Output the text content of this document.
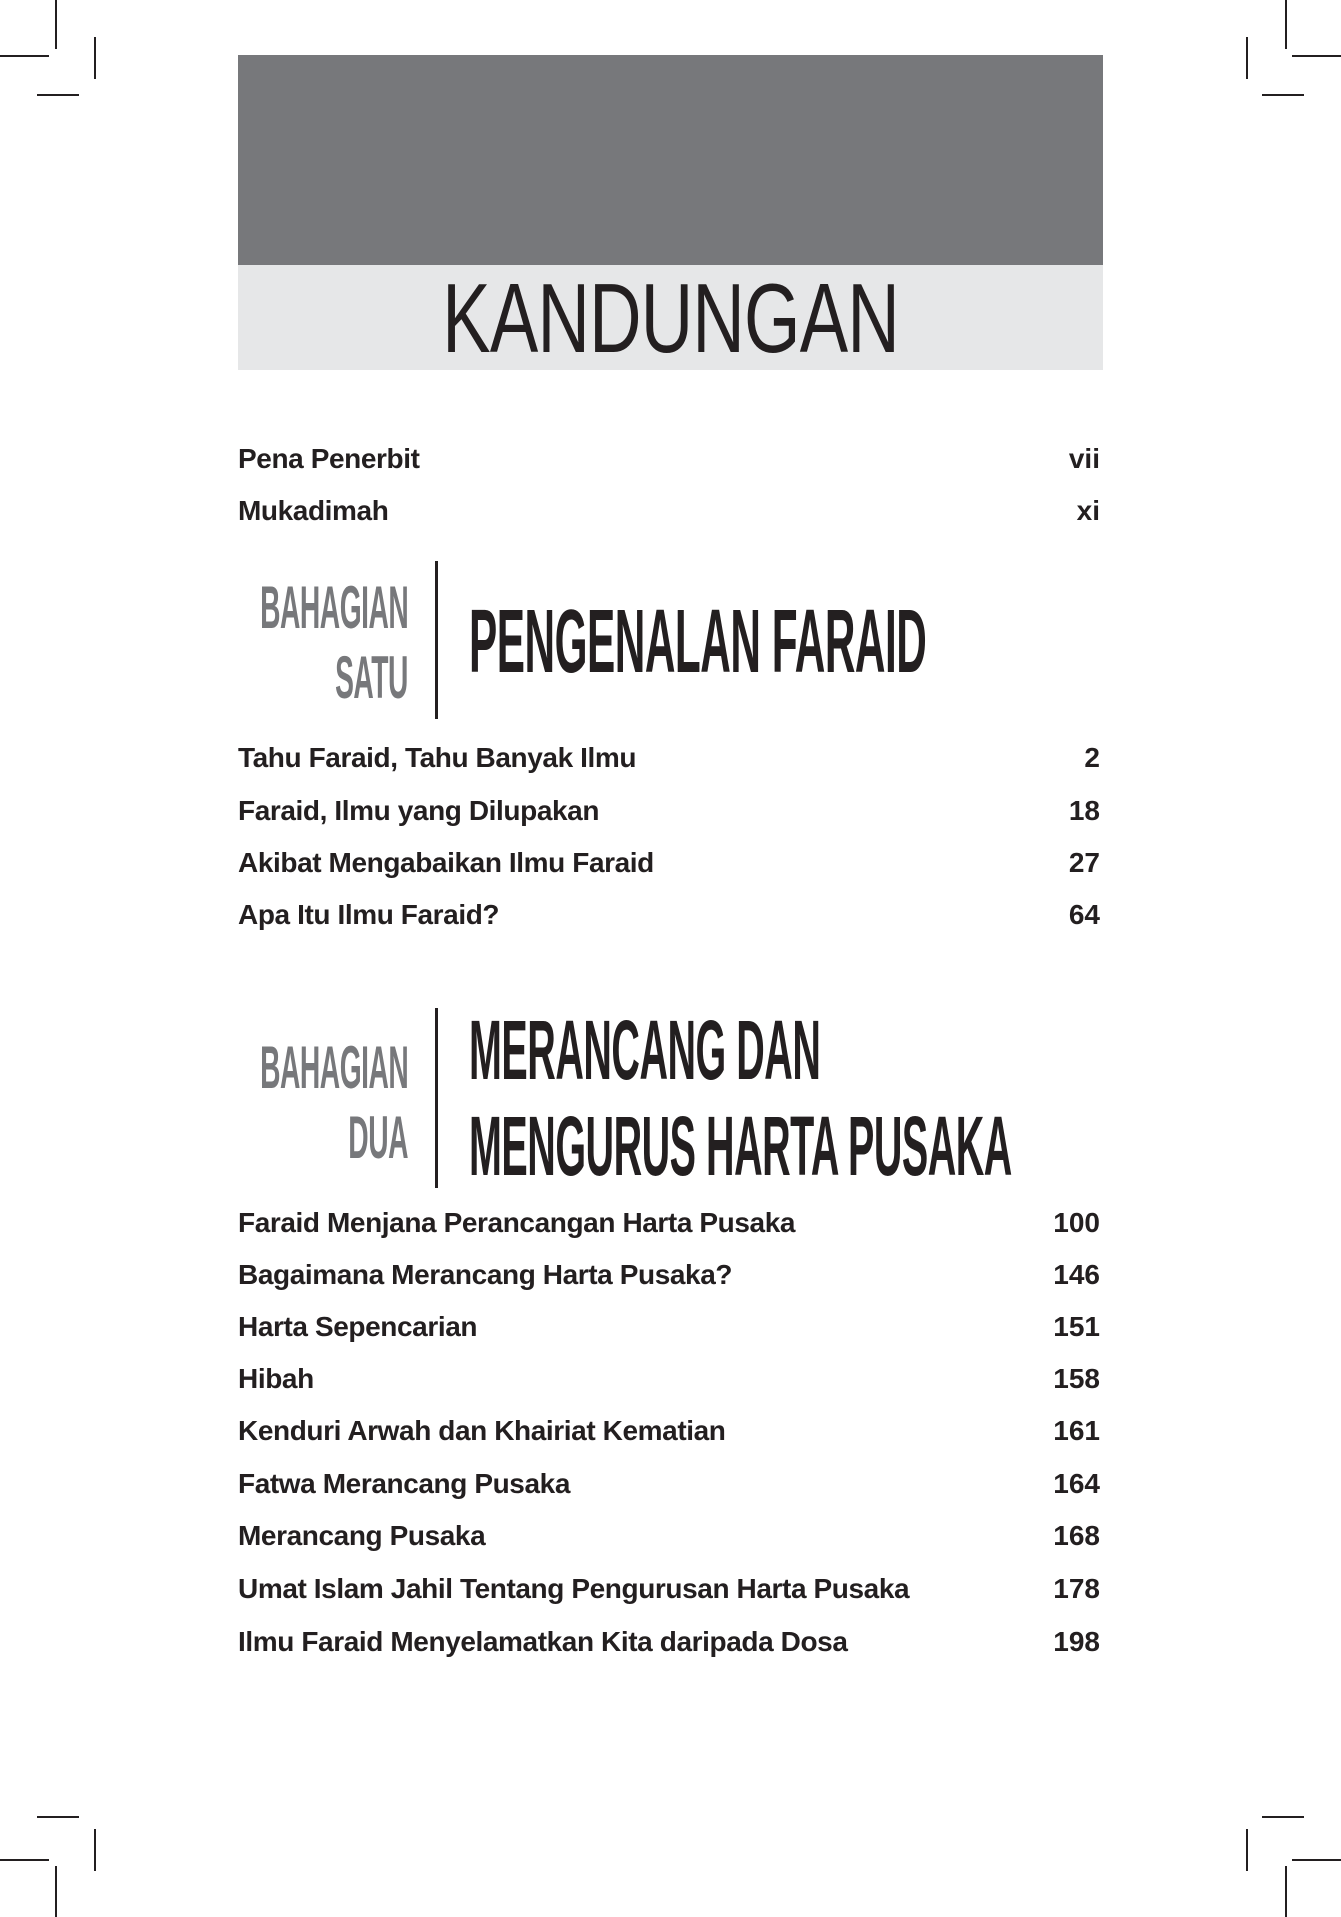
KANDUNGAN
Pena Penerbit	vii
Mukadimah	xi
BAHAGIAN
SATU PENGENALAN FARAID
Tahu Faraid, Tahu Banyak Ilmu	2
Faraid, Ilmu yang Dilupakan	18
Akibat Mengabaikan Ilmu Faraid	27
Apa Itu Ilmu Faraid?	64
BAHAGIAN
DUA
MERANCANG DAN
MENGURUS HARTA PUSAKA
Faraid Menjana Perancangan Harta Pusaka	100
Bagaimana Merancang Harta Pusaka?	146
Harta Sepencarian	151
Hibah	158
Kenduri Arwah dan Khairiat Kematian	161
Fatwa Merancang Pusaka	164
Merancang Pusaka	168
Umat Islam Jahil Tentang Pengurusan Harta Pusaka	178
Ilmu Faraid Menyelamatkan Kita daripada Dosa	198
